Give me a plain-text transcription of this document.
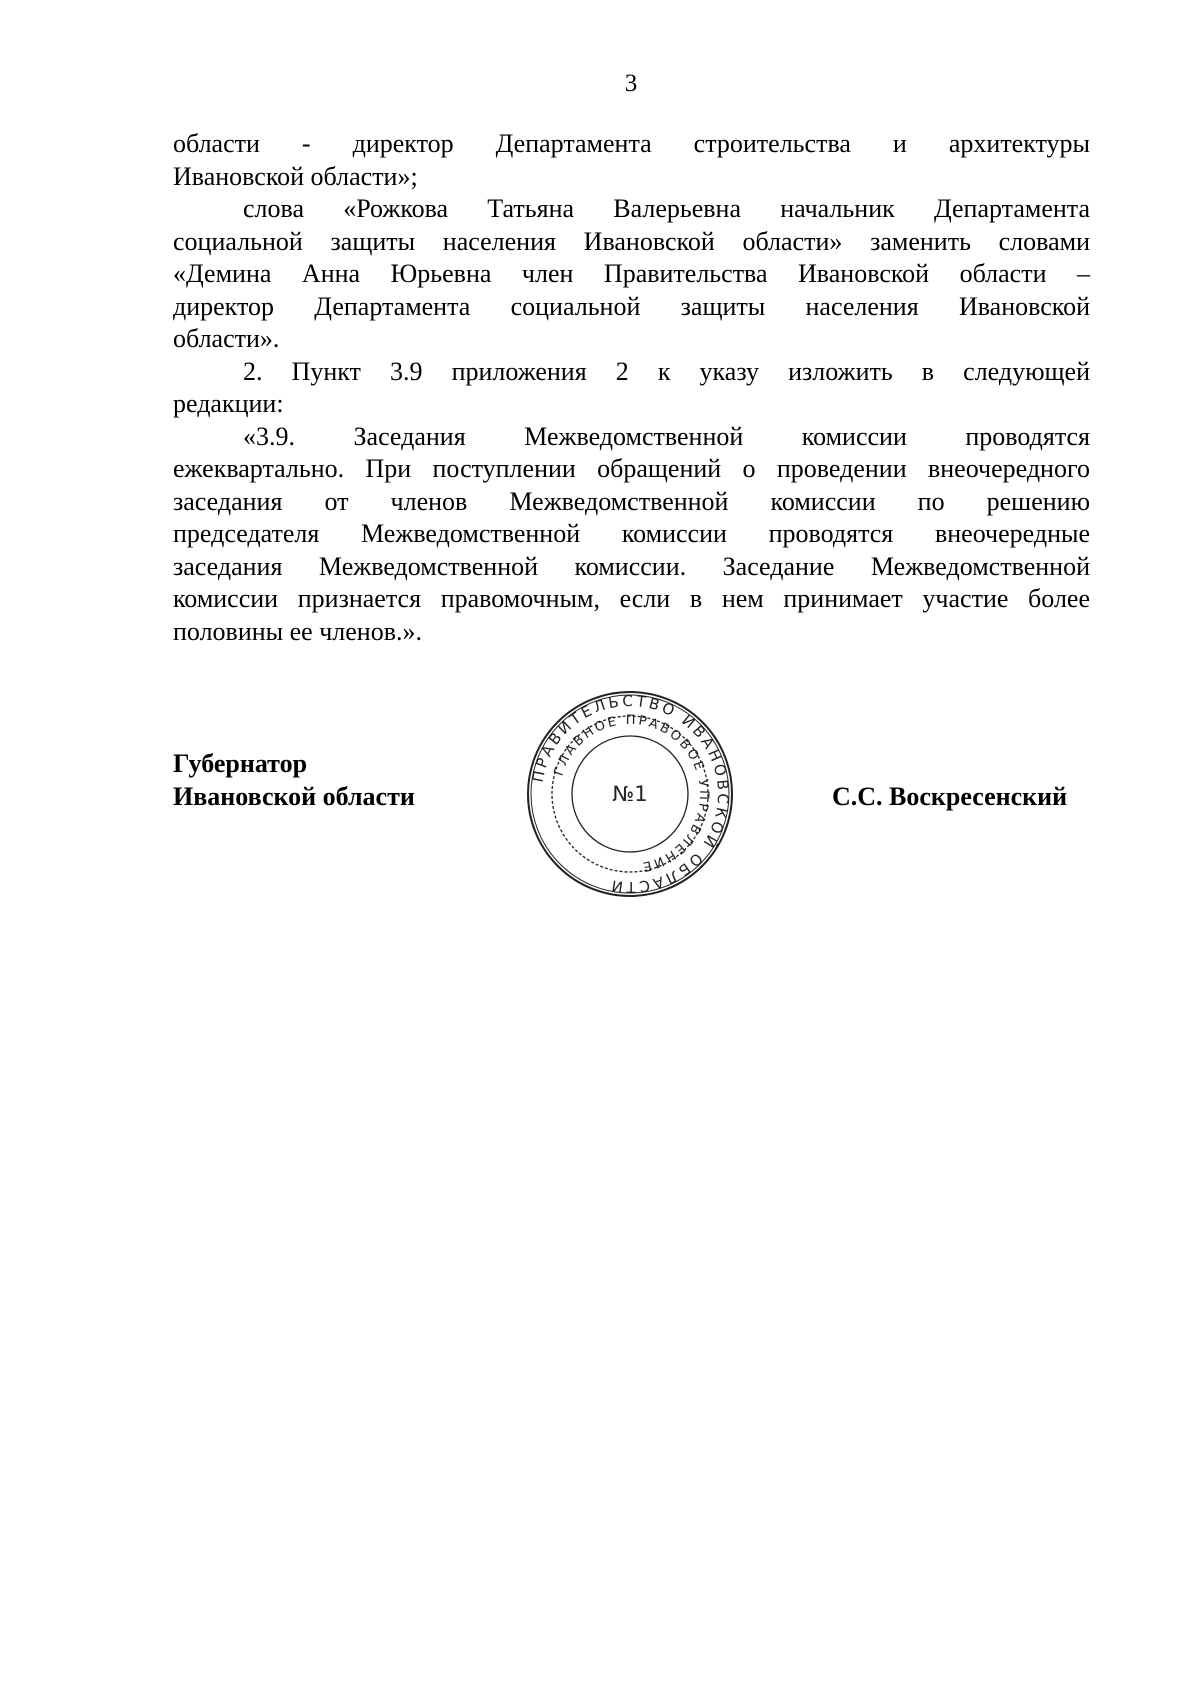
3
области - директор Департамента строительства и архитектуры
Ивановской области»;
слова «Рожкова Татьяна Валерьевна начальник Департамента
социальной защиты населения Ивановской области» заменить словами
«Демина Анна Юрьевна член Правительства Ивановской области –
директор Департамента социальной защиты населения Ивановской
области».
2. Пункт 3.9 приложения 2 к указу изложить в следующей
редакции:
«3.9. Заседания Межведомственной комиссии проводятся
ежеквартально. При поступлении обращений о проведении внеочередного
заседания от членов Межведомственной комиссии по решению
председателя Межведомственной комиссии проводятся внеочередные
заседания Межведомственной комиссии. Заседание Межведомственной
комиссии признается правомочным, если в нем принимает участие более
половины ее членов.».
Губернатор
Ивановской области
ПРАВИТЕЛЬСТВО ИВАНОВСКОЙ ОБЛАСТИ
ГЛАВНОЕ ПРАВОВОЕ УПРАВЛЕНИЕ
№1	С.С. Воскресенский
